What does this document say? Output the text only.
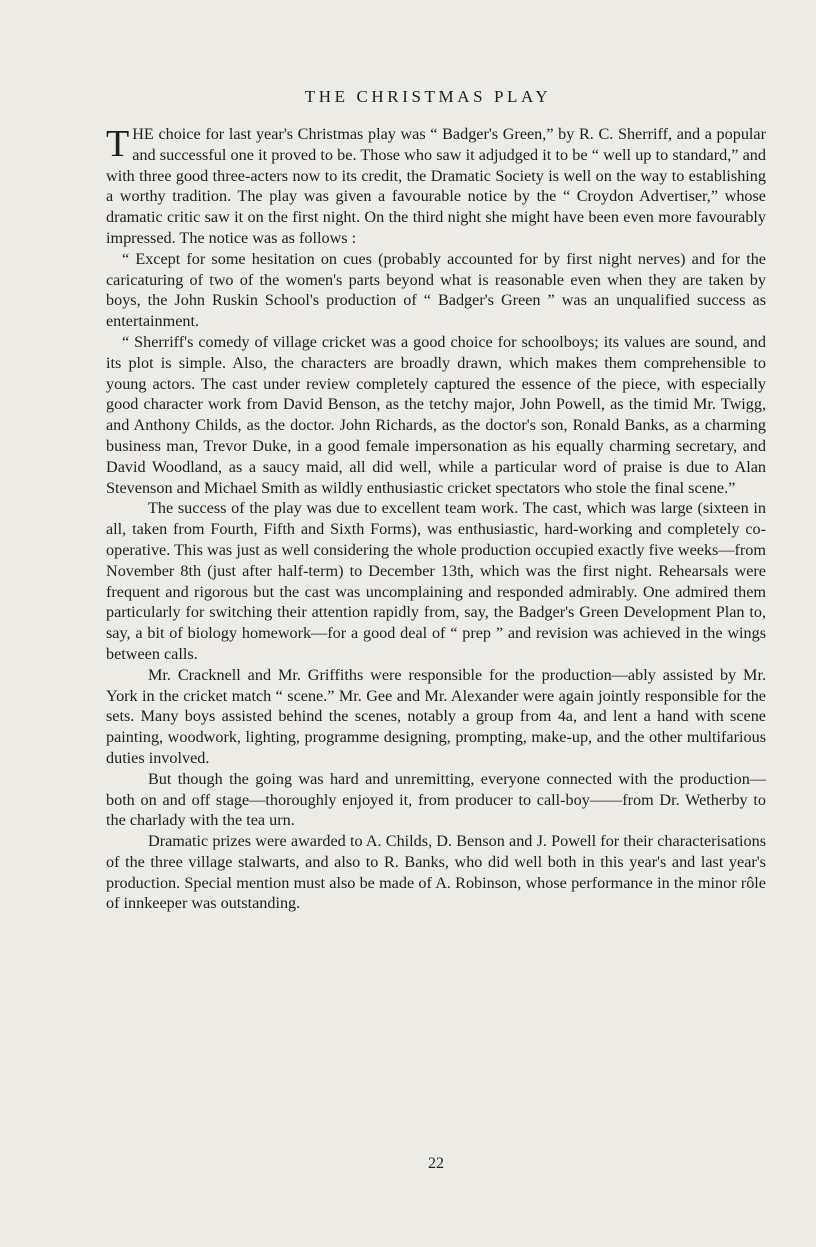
THE CHRISTMAS PLAY

THE choice for last year's Christmas play was “ Badger's Green,” by R. C. Sherriff, and a popular and successful one it proved to be. Those who saw it adjudged it to be “ well up to standard,” and with three good three-acters now to its credit, the Dramatic Society is well on the way to establishing a worthy tradition. The play was given a favourable notice by the “ Croydon Advertiser,” whose dramatic critic saw it on the first night. On the third night she might have been even more favourably impressed. The notice was as follows :

“ Except for some hesitation on cues (probably accounted for by first night nerves) and for the caricaturing of two of the women's parts beyond what is reasonable even when they are taken by boys, the John Ruskin School's production of “ Badger's Green ” was an unqualified success as entertainment.

“ Sherriff's comedy of village cricket was a good choice for schoolboys; its values are sound, and its plot is simple. Also, the characters are broadly drawn, which makes them comprehensible to young actors. The cast under review completely captured the essence of the piece, with especially good character work from David Benson, as the tetchy major, John Powell, as the timid Mr. Twigg, and Anthony Childs, as the doctor. John Richards, as the doctor's son, Ronald Banks, as a charming business man, Trevor Duke, in a good female impersonation as his equally charming secretary, and David Woodland, as a saucy maid, all did well, while a particular word of praise is due to Alan Stevenson and Michael Smith as wildly enthusiastic cricket spectators who stole the final scene.”

The success of the play was due to excellent team work. The cast, which was large (sixteen in all, taken from Fourth, Fifth and Sixth Forms), was enthusiastic, hard-working and completely co-operative. This was just as well considering the whole production occupied exactly five weeks—from November 8th (just after half-term) to December 13th, which was the first night. Rehearsals were frequent and rigorous but the cast was uncomplaining and responded admirably. One admired them particularly for switching their attention rapidly from, say, the Badger's Green Development Plan to, say, a bit of biology homework—for a good deal of “ prep ” and revision was achieved in the wings between calls.

Mr. Cracknell and Mr. Griffiths were responsible for the production—ably assisted by Mr. York in the cricket match “ scene.” Mr. Gee and Mr. Alexander were again jointly responsible for the sets. Many boys assisted behind the scenes, notably a group from 4a, and lent a hand with scene painting, woodwork, lighting, programme designing, prompting, make-up, and the other multifarious duties involved.

But though the going was hard and unremitting, everyone connected with the production—both on and off stage—thoroughly enjoyed it, from producer to call-boy——from Dr. Wetherby to the charlady with the tea urn.

Dramatic prizes were awarded to A. Childs, D. Benson and J. Powell for their characterisations of the three village stalwarts, and also to R. Banks, who did well both in this year's and last year's production. Special mention must also be made of A. Robinson, whose performance in the minor rôle of innkeeper was outstanding.

22
